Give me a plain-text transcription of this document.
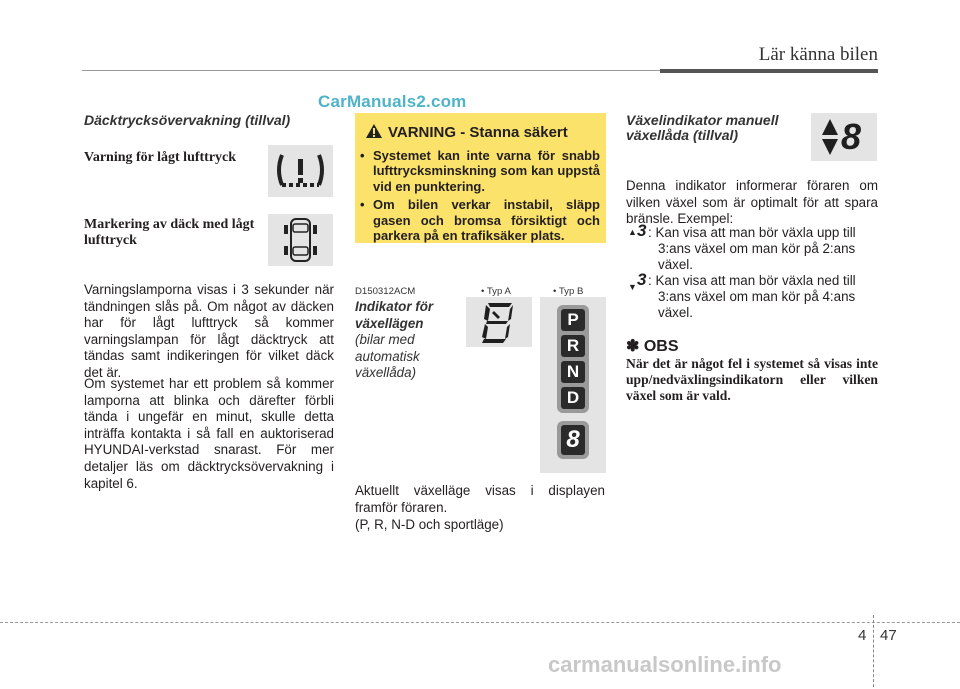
Lär känna bilen
CarManuals2.com
Däcktrycksövervakning (tillval)
Varning för lågt lufttryck
Markering av däck med lågt lufttryck
Varningslamporna visas i 3 sekunder när tändningen slås på. Om något av däcken har för lågt lufttryck så kommer varningslampan för lågt däcktryck att tändas samt indikeringen för vilket däck det är.
Om systemet har ett problem så kommer lamporna att blinka och därefter förbli tända i ungefär en minut, skulle detta inträffa kontakta i så fall en auktoriserad HYUNDAI-verkstad snarast. För mer detaljer läs om däcktrycksövervakning i kapitel 6.
VARNING - Stanna säkert
• Systemet kan inte varna för snabb lufttrycksminskning som kan uppstå vid en punktering.
• Om bilen verkar instabil, släpp gasen och bromsa försiktigt och parkera på en trafiksäker plats.
D150312ACM	• Typ A	• Typ B
Indikator för växellägen
(bilar med automatisk växellåda)
P
R
N
D
8
Aktuellt växelläge visas i displayen framför föraren.
(P, R, N-D och sportläge)
Växelindikator manuell
växellåda (tillval)	8
Denna indikator informerar föraren om vilken växel som är optimalt för att spara bränsle. Exempel:
▲ 3 : Kan visa att man bör växla upp till
3:ans växel om man kör på 2:ans
växel.
▼ 3 : Kan visa att man bör växla ned till
3:ans växel om man kör på 4:ans
växel.
✽ OBS
När det är något fel i systemet så visas inte upp/nedväxlingsindikatorn eller vilken växel som är vald.
4 47
carmanualsonline.info
